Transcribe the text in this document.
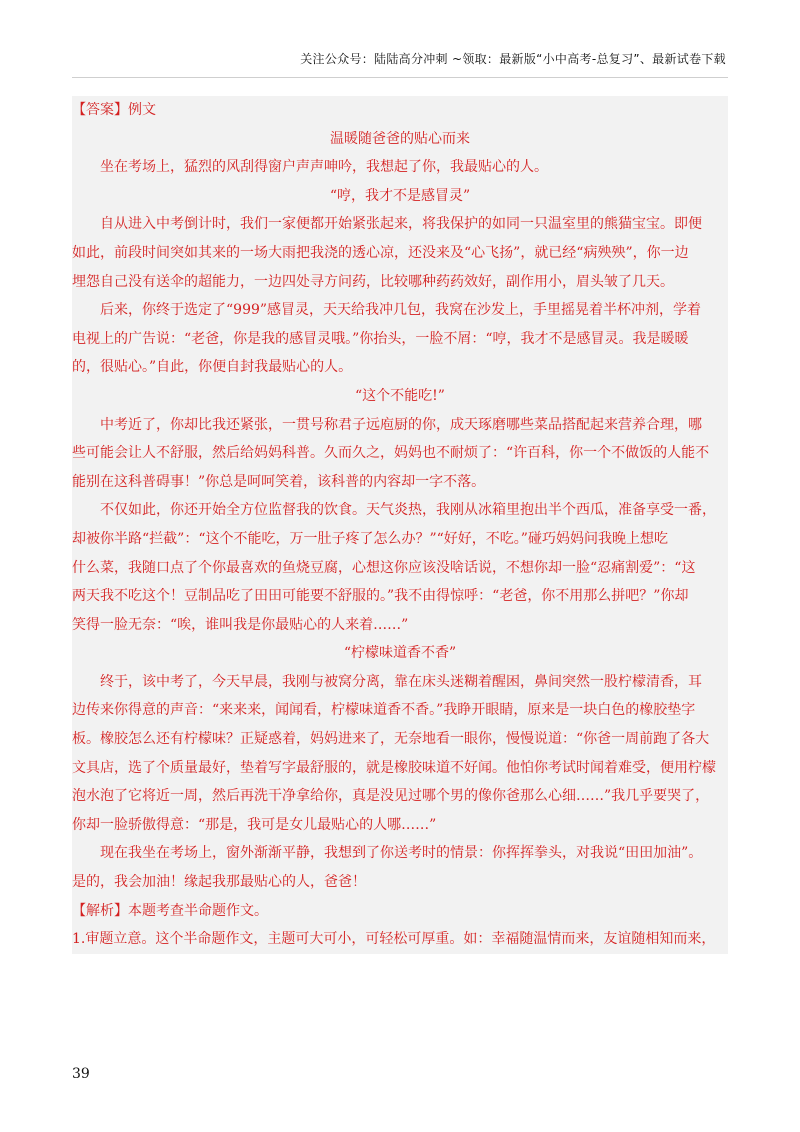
关注公众号：陆陆高分冲刺 ~领取：最新版“小中高考-总复习”、最新试卷下载
【答案】例文
温暖随爸爸的贴心而来
　　坐在考场上，猛烈的风刮得窗户声声呻吟，我想起了你，我最贴心的人。
“哼，我才不是感冒灵”
　　自从进入中考倒计时，我们一家便都开始紧张起来，将我保护的如同一只温室里的熊猫宝宝。即便
如此，前段时间突如其来的一场大雨把我浇的透心凉，还没来及“心飞扬”，就已经“病殃殃”，你一边
埋怨自己没有送伞的超能力，一边四处寻方问药，比较哪种药药效好，副作用小，眉头皱了几天。
　　后来，你终于选定了“999”感冒灵，天天给我冲几包，我窝在沙发上，手里摇晃着半杯冲剂，学着
电视上的广告说：“老爸，你是我的感冒灵哦。”你抬头，一脸不屑：“哼，我才不是感冒灵。我是暖暖
的，很贴心。”自此，你便自封我最贴心的人。
“这个不能吃!”
　　中考近了，你却比我还紧张，一贯号称君子远庖厨的你，成天琢磨哪些菜品搭配起来营养合理，哪
些可能会让人不舒服，然后给妈妈科普。久而久之，妈妈也不耐烦了：“许百科，你一个不做饭的人能不
能别在这科普碍事！”你总是呵呵笑着，该科普的内容却一字不落。
　　不仅如此，你还开始全方位监督我的饮食。天气炎热，我刚从冰箱里抱出半个西瓜，准备享受一番，
却被你半路“拦截”：“这个不能吃，万一肚子疼了怎么办？”“好好，不吃。”碰巧妈妈问我晚上想吃
什么菜，我随口点了个你最喜欢的鱼烧豆腐，心想这你应该没啥话说，不想你却一脸“忍痛割爱”：“这
两天我不吃这个！豆制品吃了田田可能要不舒服的。”我不由得惊呼：“老爸，你不用那么拼吧？”你却
笑得一脸无奈：“唉，谁叫我是你最贴心的人来着……”
“柠檬味道香不香”
　　终于，该中考了，今天早晨，我刚与被窝分离，靠在床头迷糊着醒困，鼻间突然一股柠檬清香，耳
边传来你得意的声音：“来来来，闻闻看，柠檬味道香不香。”我睁开眼睛，原来是一块白色的橡胶垫字
板。橡胶怎么还有柠檬味？正疑惑着，妈妈进来了，无奈地看一眼你，慢慢说道：“你爸一周前跑了各大
文具店，选了个质量最好，垫着写字最舒服的，就是橡胶味道不好闻。他怕你考试时闻着难受，便用柠檬
泡水泡了它将近一周，然后再洗干净拿给你，真是没见过哪个男的像你爸那么心细……”我几乎要哭了，
你却一脸骄傲得意：“那是，我可是女儿最贴心的人哪……”
　　现在我坐在考场上，窗外渐渐平静，我想到了你送考时的情景：你挥挥拳头，对我说“田田加油”。
是的，我会加油！缘起我那最贴心的人，爸爸！
【解析】本题考查半命题作文。
1.审题立意。这个半命题作文，主题可大可小，可轻松可厚重。如：幸福随温情而来，友谊随相知而来，
39
